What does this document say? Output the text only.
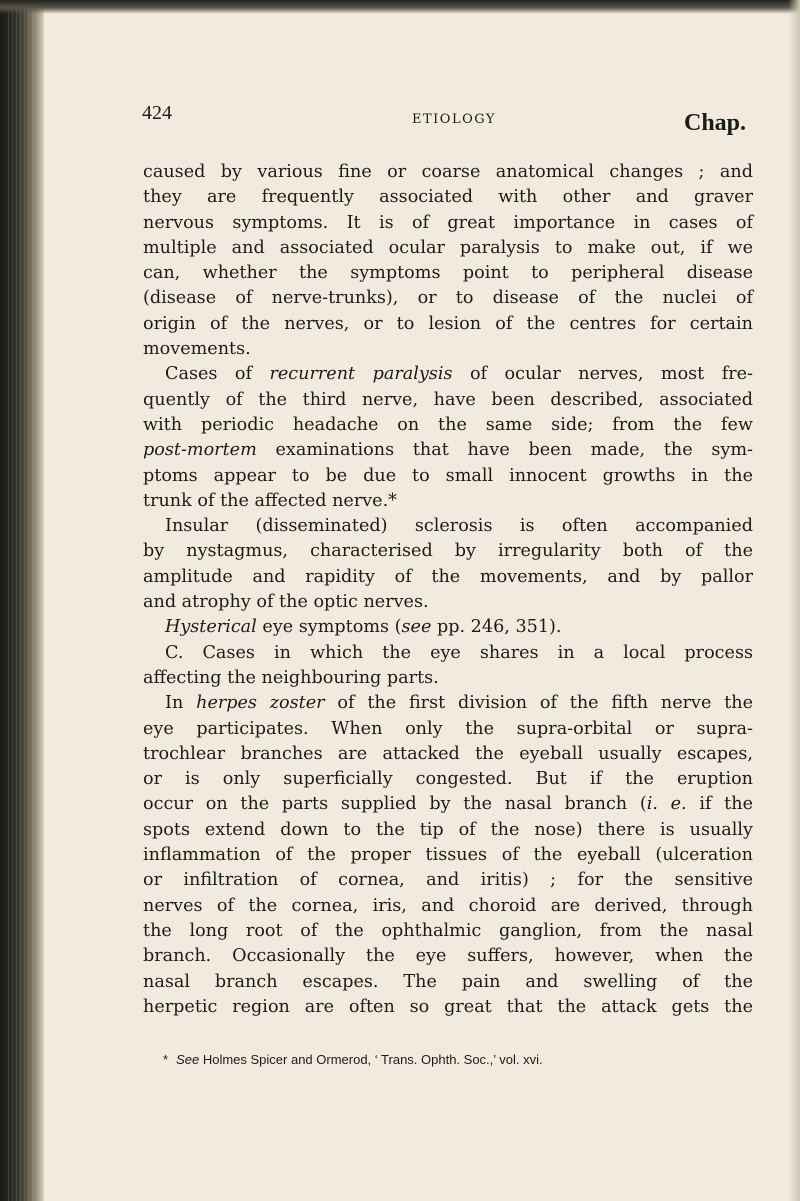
424	ETIOLOGY	Chap.
caused by various fine or coarse anatomical changes ; and
they are frequently associated with other and graver
nervous symptoms. It is of great importance in cases of
multiple and associated ocular paralysis to make out, if we
can, whether the symptoms point to peripheral disease
(disease of nerve-trunks), or to disease of the nuclei of
origin of the nerves, or to lesion of the centres for certain
movements.
Cases of recurrent paralysis of ocular nerves, most fre-
quently of the third nerve, have been described, associated
with periodic headache on the same side; from the few
post-mortem examinations that have been made, the sym-
ptoms appear to be due to small innocent growths in the
trunk of the affected nerve.*
Insular (disseminated) sclerosis is often accompanied
by nystagmus, characterised by irregularity both of the
amplitude and rapidity of the movements, and by pallor
and atrophy of the optic nerves.
Hysterical eye symptoms (see pp. 246, 351).
C. Cases in which the eye shares in a local process
affecting the neighbouring parts.
In herpes zoster of the first division of the fifth nerve the
eye participates. When only the supra-orbital or supra-
trochlear branches are attacked the eyeball usually escapes,
or is only superficially congested. But if the eruption
occur on the parts supplied by the nasal branch (i. e. if the
spots extend down to the tip of the nose) there is usually
inflammation of the proper tissues of the eyeball (ulceration
or infiltration of cornea, and iritis) ; for the sensitive
nerves of the cornea, iris, and choroid are derived, through
the long root of the ophthalmic ganglion, from the nasal
branch. Occasionally the eye suffers, however, when the
nasal branch escapes. The pain and swelling of the
herpetic region are often so great that the attack gets the
* See Holmes Spicer and Ormerod, ‘ Trans. Ophth. Soc.,’ vol. xvi.
